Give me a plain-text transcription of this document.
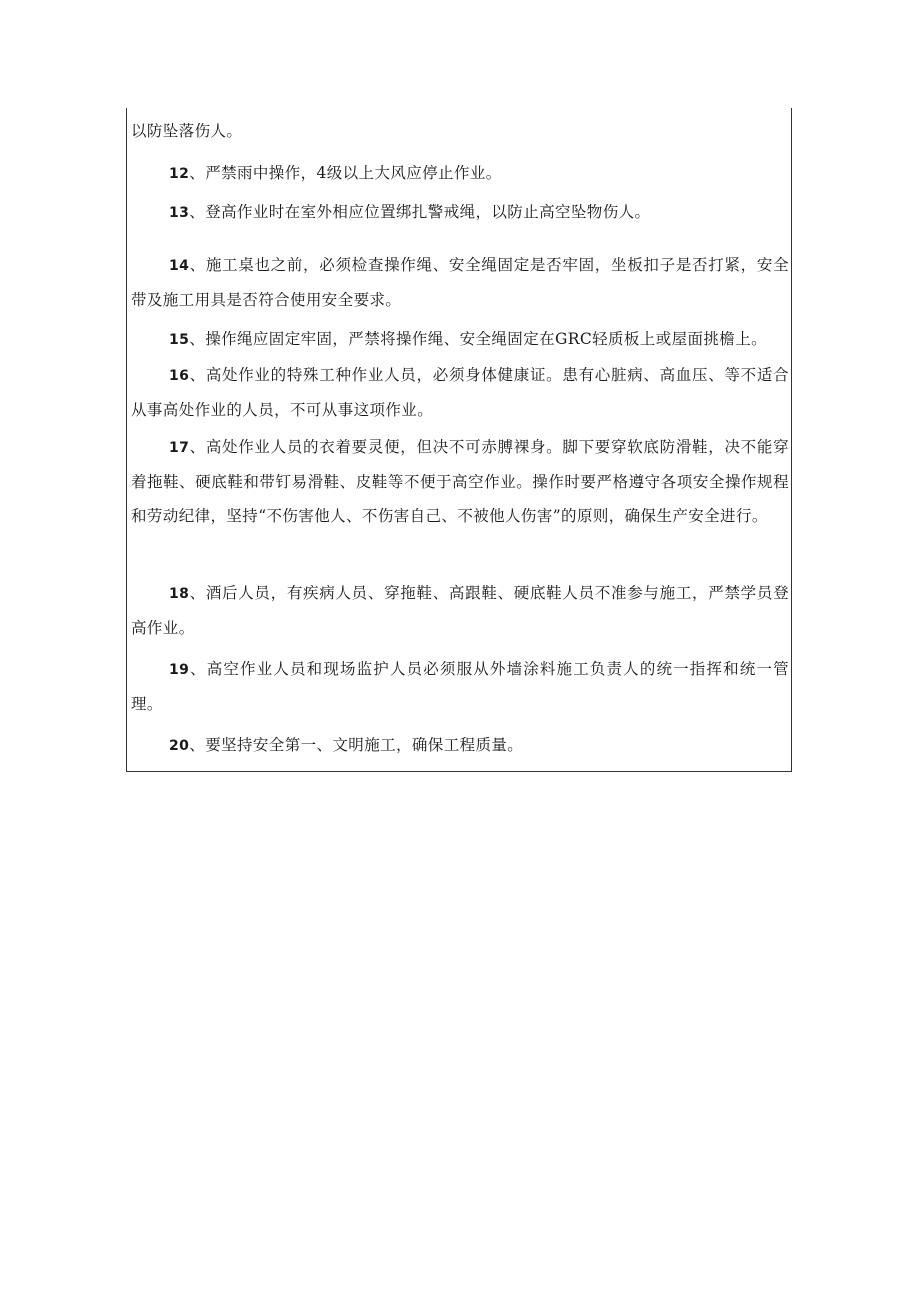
以防坠落伤人。

12、严禁雨中操作，4级以上大风应停止作业。

13、登高作业时在室外相应位置绑扎警戒绳，以防止高空坠物伤人。

14、施工桌也之前，必须检查操作绳、安全绳固定是否牢固，坐板扣子是否打紧，安全带及施工用具是否符合使用安全要求。

15、操作绳应固定牢固，严禁将操作绳、安全绳固定在GRC轻质板上或屋面挑檐上。

16、高处作业的特殊工种作业人员，必须身体健康证。患有心脏病、高血压、等不适合从事高处作业的人员，不可从事这项作业。

17、高处作业人员的衣着要灵便，但决不可赤膊裸身。脚下要穿软底防滑鞋，决不能穿着拖鞋、硬底鞋和带钉易滑鞋、皮鞋等不便于高空作业。操作时要严格遵守各项安全操作规程和劳动纪律，坚持“不伤害他人、不伤害自己、不被他人伤害”的原则，确保生产安全进行。

18、酒后人员，有疾病人员、穿拖鞋、高跟鞋、硬底鞋人员不准参与施工，严禁学员登高作业。

19、高空作业人员和现场监护人员必须服从外墙涂料施工负责人的统一指挥和统一管理。

20、要坚持安全第一、文明施工，确保工程质量。
